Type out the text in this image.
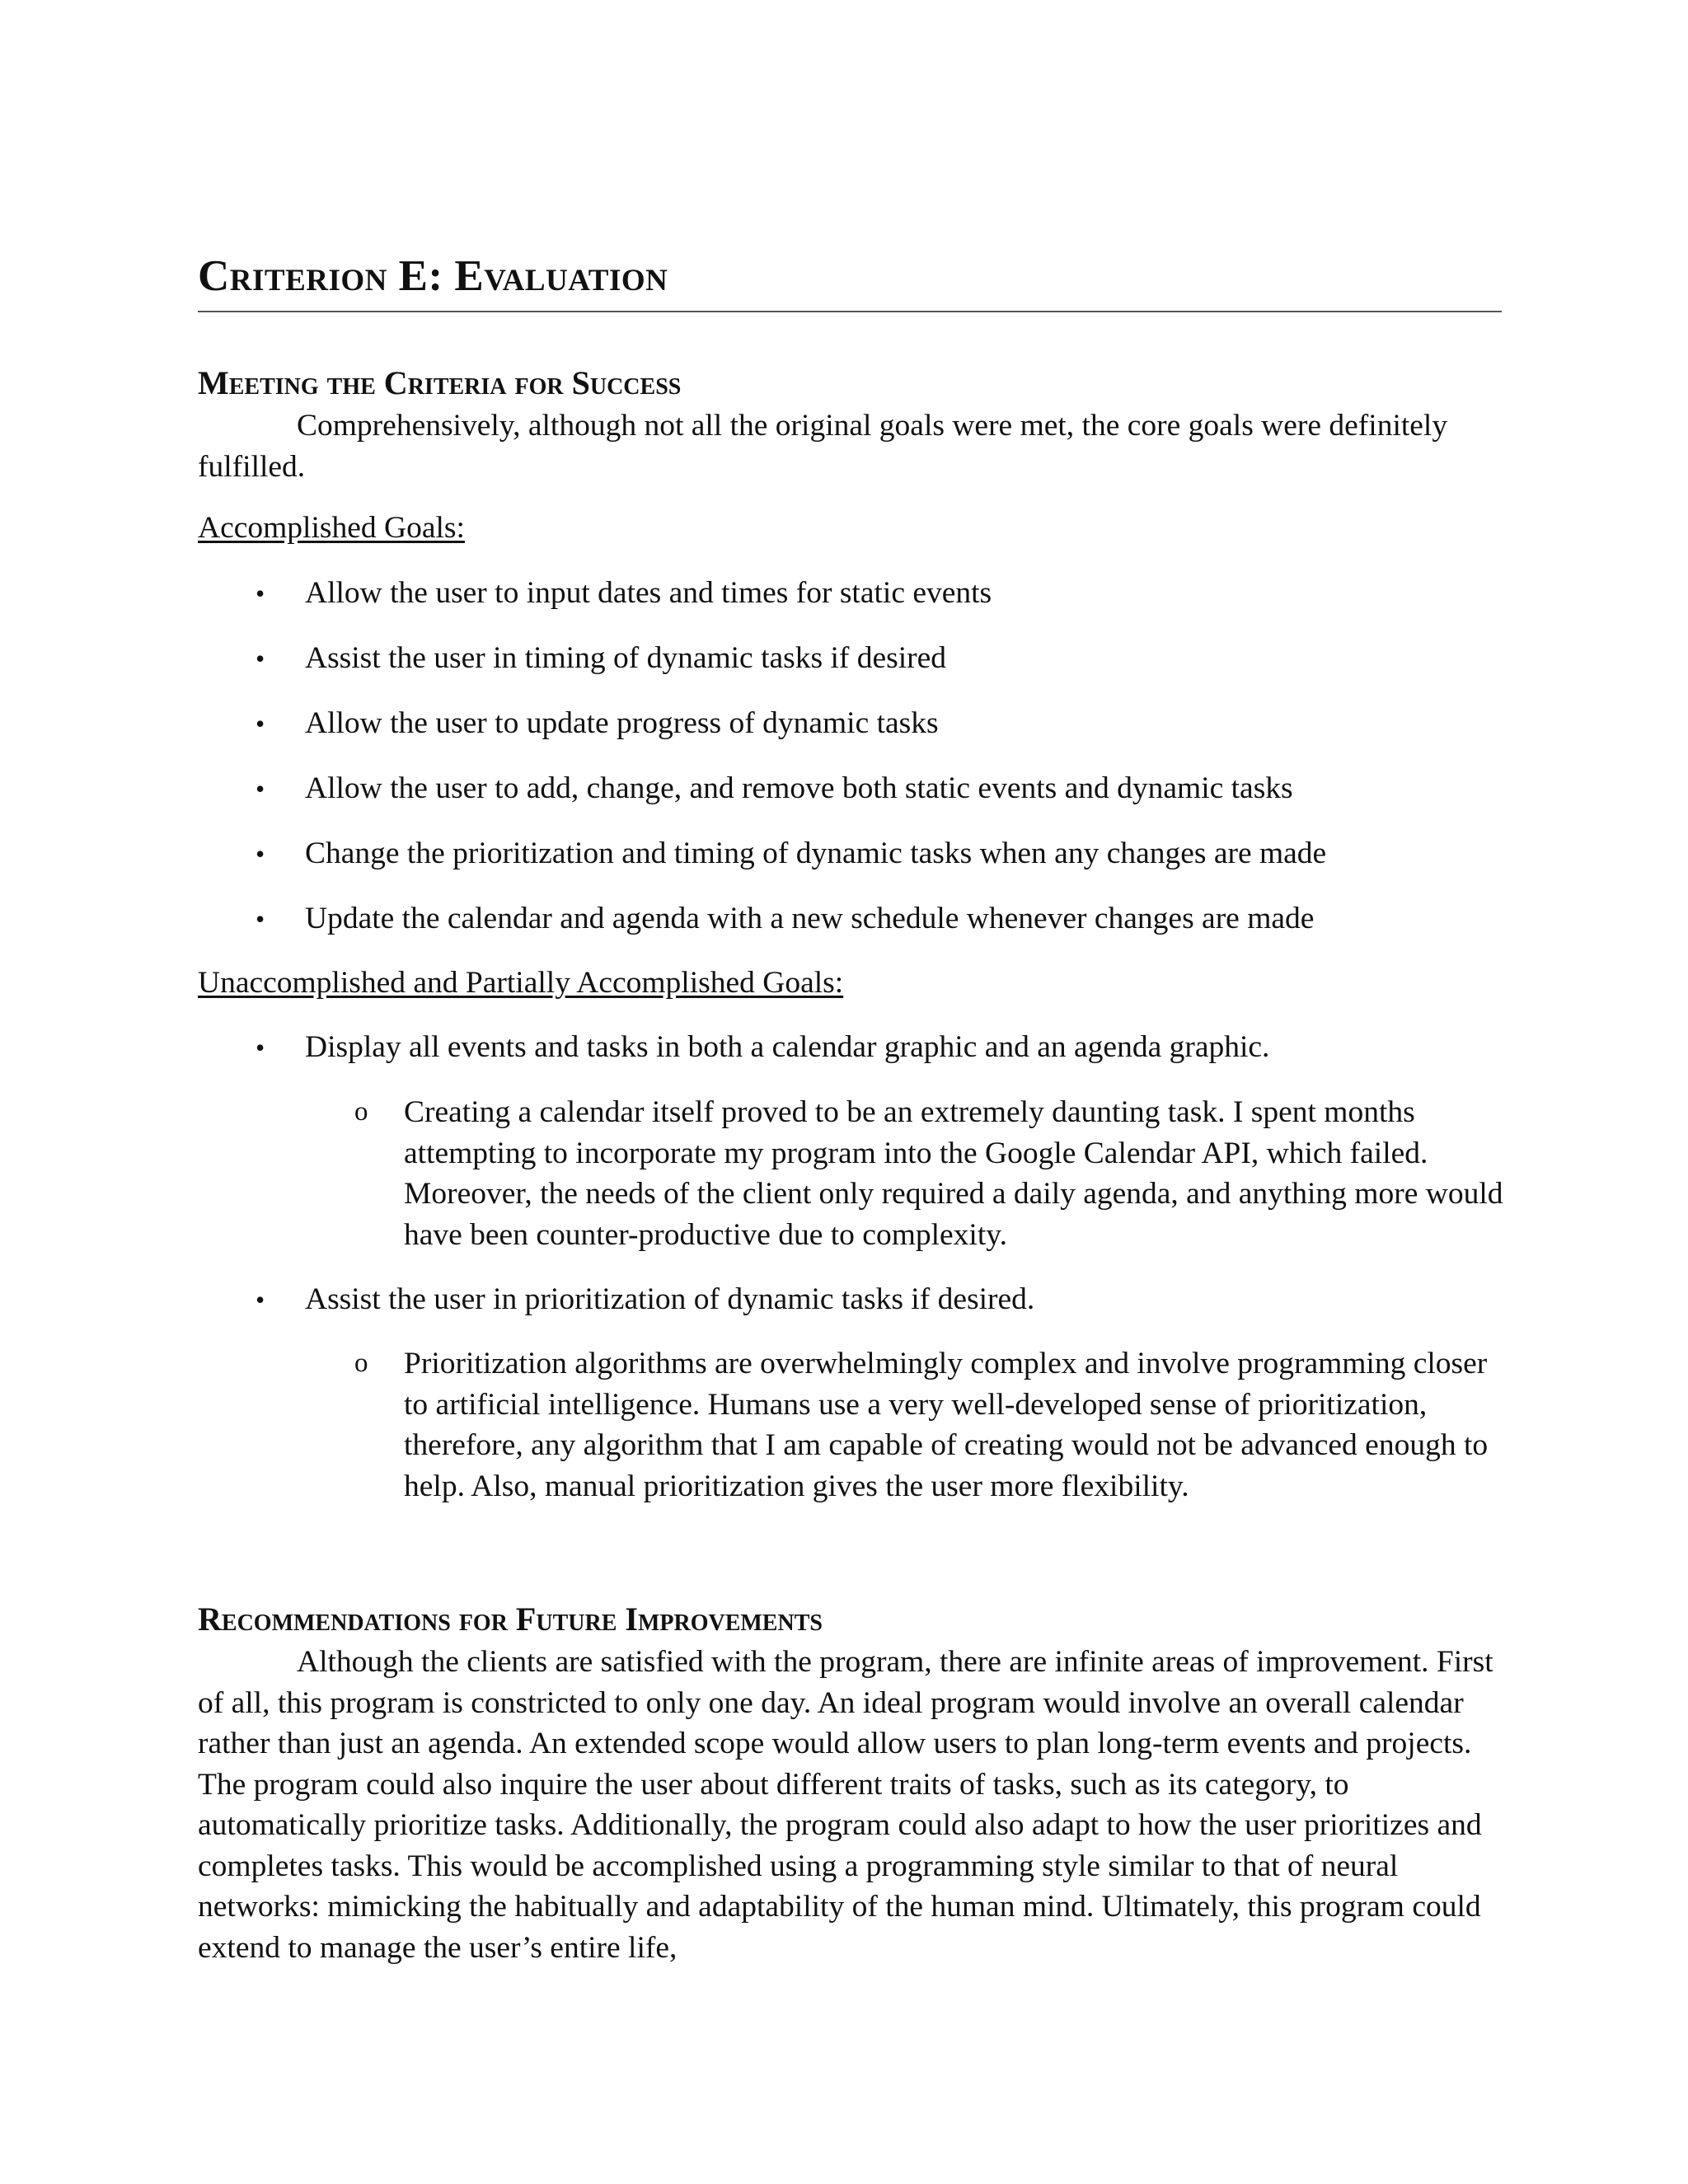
Criterion E: Evaluation
Meeting the Criteria for Success

Comprehensively, although not all the original goals were met, the core goals were definitely fulfilled.

Accomplished Goals:
•	Allow the user to input dates and times for static events
•	Assist the user in timing of dynamic tasks if desired
•	Allow the user to update progress of dynamic tasks
•	Allow the user to add, change, and remove both static events and dynamic tasks
•	Change the prioritization and timing of dynamic tasks when any changes are made
•	Update the calendar and agenda with a new schedule whenever changes are made
Unaccomplished and Partially Accomplished Goals:
•	Display all events and tasks in both a calendar graphic and an agenda graphic.
o	Creating a calendar itself proved to be an extremely daunting task. I spent months attempting to incorporate my program into the Google Calendar API, which failed. Moreover, the needs of the client only required a daily agenda, and anything more would have been counter-productive due to complexity.

•	Assist the user in prioritization of dynamic tasks if desired.
o	Prioritization algorithms are overwhelmingly complex and involve programming closer to artificial intelligence. Humans use a very well-developed sense of prioritization, therefore, any algorithm that I am capable of creating would not be advanced enough to help. Also, manual prioritization gives the user more flexibility.

Recommendations for Future Improvements

Although the clients are satisfied with the program, there are infinite areas of improvement. First of all, this program is constricted to only one day. An ideal program would involve an overall calendar rather than just an agenda. An extended scope would allow users to plan long-term events and projects. The program could also inquire the user about different traits of tasks, such as its category, to automatically prioritize tasks. Additionally, the program could also adapt to how the user prioritizes and completes tasks. This would be accomplished using a programming style similar to that of neural networks: mimicking the habitually and adaptability of the human mind. Ultimately, this program could extend to manage the user’s entire life,
